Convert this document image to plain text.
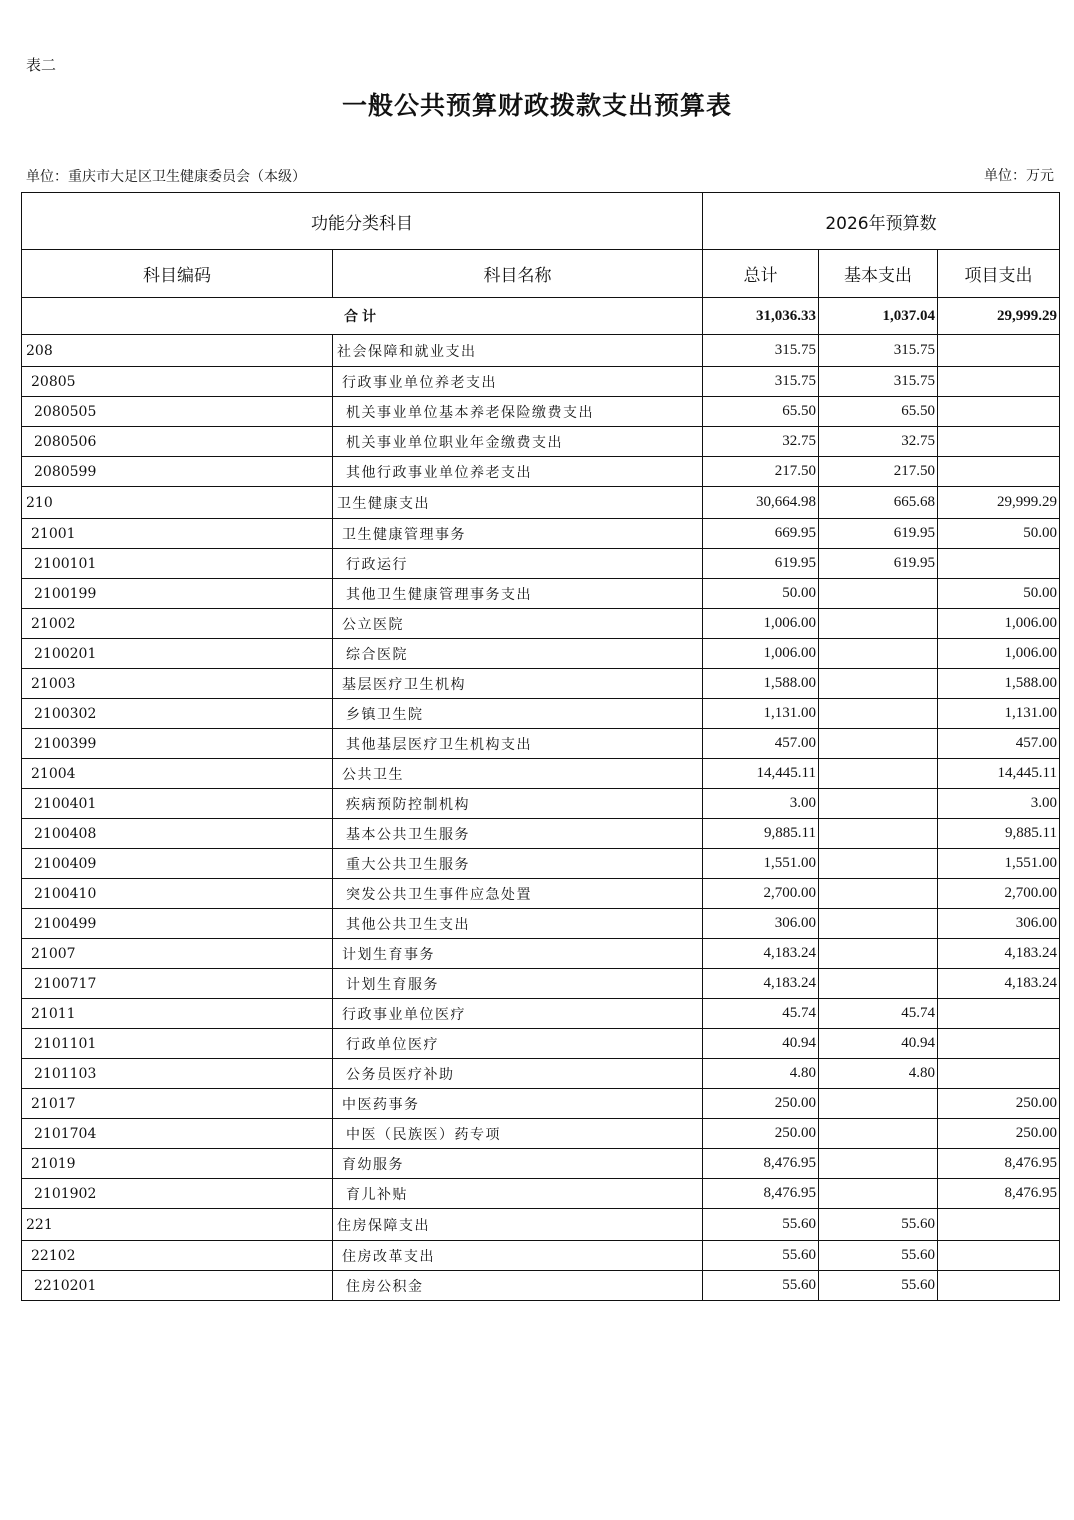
表二
一般公共预算财政拨款支出预算表
单位：重庆市大足区卫生健康委员会（本级）	单位：万元
功能分类科目		2026年预算数		
科目编码	科目名称	总计	基本支出	项目支出
合计		31,036.33	1,037.04	29,999.29
208	社会保障和就业支出	315.75	315.75	
20805	行政事业单位养老支出	315.75	315.75	
2080505	机关事业单位基本养老保险缴费支出	65.50	65.50	
2080506	机关事业单位职业年金缴费支出	32.75	32.75	
2080599	其他行政事业单位养老支出	217.50	217.50	
210	卫生健康支出	30,664.98	665.68	29,999.29
21001	卫生健康管理事务	669.95	619.95	50.00
2100101	行政运行	619.95	619.95	
2100199	其他卫生健康管理事务支出	50.00		50.00
21002	公立医院	1,006.00		1,006.00
2100201	综合医院	1,006.00		1,006.00
21003	基层医疗卫生机构	1,588.00		1,588.00
2100302	乡镇卫生院	1,131.00		1,131.00
2100399	其他基层医疗卫生机构支出	457.00		457.00
21004	公共卫生	14,445.11		14,445.11
2100401	疾病预防控制机构	3.00		3.00
2100408	基本公共卫生服务	9,885.11		9,885.11
2100409	重大公共卫生服务	1,551.00		1,551.00
2100410	突发公共卫生事件应急处置	2,700.00		2,700.00
2100499	其他公共卫生支出	306.00		306.00
21007	计划生育事务	4,183.24		4,183.24
2100717	计划生育服务	4,183.24		4,183.24
21011	行政事业单位医疗	45.74	45.74	
2101101	行政单位医疗	40.94	40.94	
2101103	公务员医疗补助	4.80	4.80	
21017	中医药事务	250.00		250.00
2101704	中医（民族医）药专项	250.00		250.00
21019	育幼服务	8,476.95		8,476.95
2101902	育儿补贴	8,476.95		8,476.95
221	住房保障支出	55.60	55.60	
22102	住房改革支出	55.60	55.60	
2210201	住房公积金	55.60	55.60	
